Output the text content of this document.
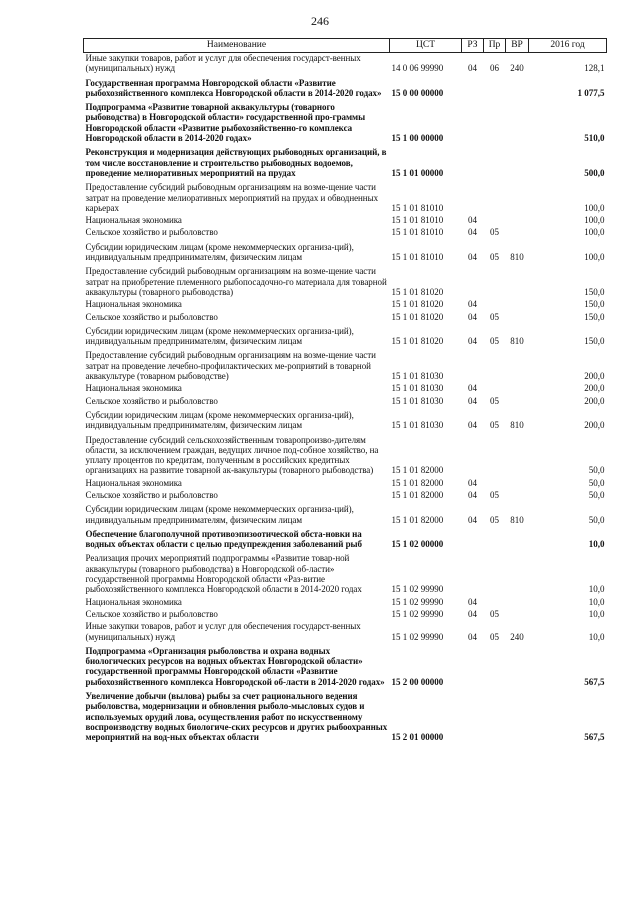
246
Наименование	ЦСТ	РЗ	Пр	ВР	2016 год
Иные закупки товаров, работ и услуг для обеспечения государст-венных (муниципальных) нужд	14 0 06 99990	04	06	240	128,1
Государственная программа Новгородской области «Развитие рыбохозяйственного комплекса Новгородской области в 2014-2020 годах»	15 0 00 00000				1 077,5
Подпрограмма «Развитие товарной аквакультуры (товарного рыбоводства) в Новгородской области» государственной про-граммы Новгородской области «Развитие рыбохозяйственно-го комплекса Новгородской области в 2014-2020 годах»	15 1 00 00000				510,0
Реконструкция и модернизация действующих рыбоводных организаций, в том числе восстановление и строительство рыбоводных водоемов, проведение мелиоративных мероприятий на прудах	15 1 01 00000				500,0
Предоставление субсидий рыбоводным организациям на возме-щение части затрат на проведение мелиоративных мероприятий на прудах и обводненных карьерах	15 1 01 81010				100,0
Национальная экономика	15 1 01 81010	04			100,0
Сельское хозяйство и рыболовство	15 1 01 81010	04	05		100,0
Субсидии юридическим лицам (кроме некоммерческих организа-ций), индивидуальным предпринимателям, физическим лицам	15 1 01 81010	04	05	810	100,0
Предоставление субсидий рыбоводным организациям на возме-щение части затрат на приобретение племенного рыбопосадочно-го материала для товарной аквакультуры (товарного рыбоводства)	15 1 01 81020				150,0
Национальная экономика	15 1 01 81020	04			150,0
Сельское хозяйство и рыболовство	15 1 01 81020	04	05		150,0
Субсидии юридическим лицам (кроме некоммерческих организа-ций), индивидуальным предпринимателям, физическим лицам	15 1 01 81020	04	05	810	150,0
Предоставление субсидий рыбоводным организациям на возме-щение части затрат на проведение лечебно-профилактических ме-роприятий в товарной аквакультуре (товарном рыбоводстве)	15 1 01 81030				200,0
Национальная экономика	15 1 01 81030	04			200,0
Сельское хозяйство и рыболовство	15 1 01 81030	04	05		200,0
Субсидии юридическим лицам (кроме некоммерческих организа-ций), индивидуальным предпринимателям, физическим лицам	15 1 01 81030	04	05	810	200,0
Предоставление субсидий сельскохозяйственным товаропроизво-дителям области, за исключением граждан, ведущих личное под-собное хозяйство, на уплату процентов по кредитам, полученным в российских кредитных организациях на развитие товарной ак-вакультуры (товарного рыбоводства)	15 1 01 82000				50,0
Национальная экономика	15 1 01 82000	04			50,0
Сельское хозяйство и рыболовство	15 1 01 82000	04	05		50,0
Субсидии юридическим лицам (кроме некоммерческих организа-ций), индивидуальным предпринимателям, физическим лицам	15 1 01 82000	04	05	810	50,0
Обеспечение благополучной противоэпизоотической обста-новки на водных объектах области с целью предупреждения заболеваний рыб	15 1 02 00000				10,0
Реализация прочих мероприятий подпрограммы «Развитие товар-ной аквакультуры (товарного рыбоводства) в Новгородской об-ласти» государственной программы Новгородской области «Раз-витие рыбохозяйственного комплекса Новгородской области в 2014-2020 годах	15 1 02 99990				10,0
Национальная экономика	15 1 02 99990	04			10,0
Сельское хозяйство и рыболовство	15 1 02 99990	04	05		10,0
Иные закупки товаров, работ и услуг для обеспечения государст-венных (муниципальных) нужд	15 1 02 99990	04	05	240	10,0
Подпрограмма «Организация рыболовства и охрана водных биологических ресурсов на водных объектах Новгородской области» государственной программы Новгородской области «Развитие рыбохозяйственного комплекса Новгородской об-ласти в 2014-2020 годах»	15 2 00 00000				567,5
Увеличение добычи (вылова) рыбы за счет рационального ведения рыболовства, модернизации и обновления рыболо-мысловых судов и используемых орудий лова, осуществления работ по искусственному воспроизводству водных биологиче-ских ресурсов и других рыбоохранных мероприятий на вод-ных объектах области	15 2 01 00000				567,5
